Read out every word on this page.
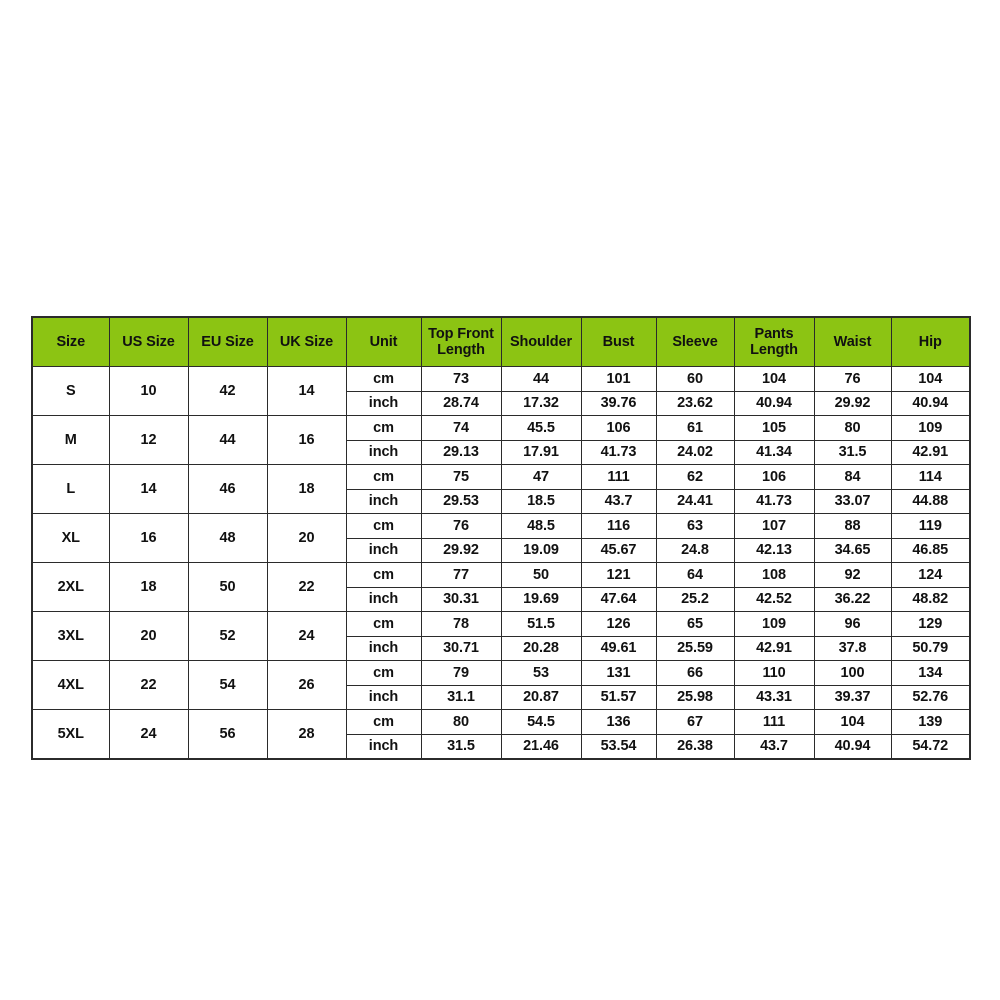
Size	US Size	EU Size	UK Size	Unit	Top Front Length	Shoulder	Bust	Sleeve	Pants Length	Waist	Hip
S	10	42	14	cm	73	44	101	60	104	76	104
				inch	28.74	17.32	39.76	23.62	40.94	29.92	40.94
M	12	44	16	cm	74	45.5	106	61	105	80	109
				inch	29.13	17.91	41.73	24.02	41.34	31.5	42.91
L	14	46	18	cm	75	47	111	62	106	84	114
				inch	29.53	18.5	43.7	24.41	41.73	33.07	44.88
XL	16	48	20	cm	76	48.5	116	63	107	88	119
				inch	29.92	19.09	45.67	24.8	42.13	34.65	46.85
2XL	18	50	22	cm	77	50	121	64	108	92	124
				inch	30.31	19.69	47.64	25.2	42.52	36.22	48.82
3XL	20	52	24	cm	78	51.5	126	65	109	96	129
				inch	30.71	20.28	49.61	25.59	42.91	37.8	50.79
4XL	22	54	26	cm	79	53	131	66	110	100	134
				inch	31.1	20.87	51.57	25.98	43.31	39.37	52.76
5XL	24	56	28	cm	80	54.5	136	67	111	104	139
				inch	31.5	21.46	53.54	26.38	43.7	40.94	54.72
